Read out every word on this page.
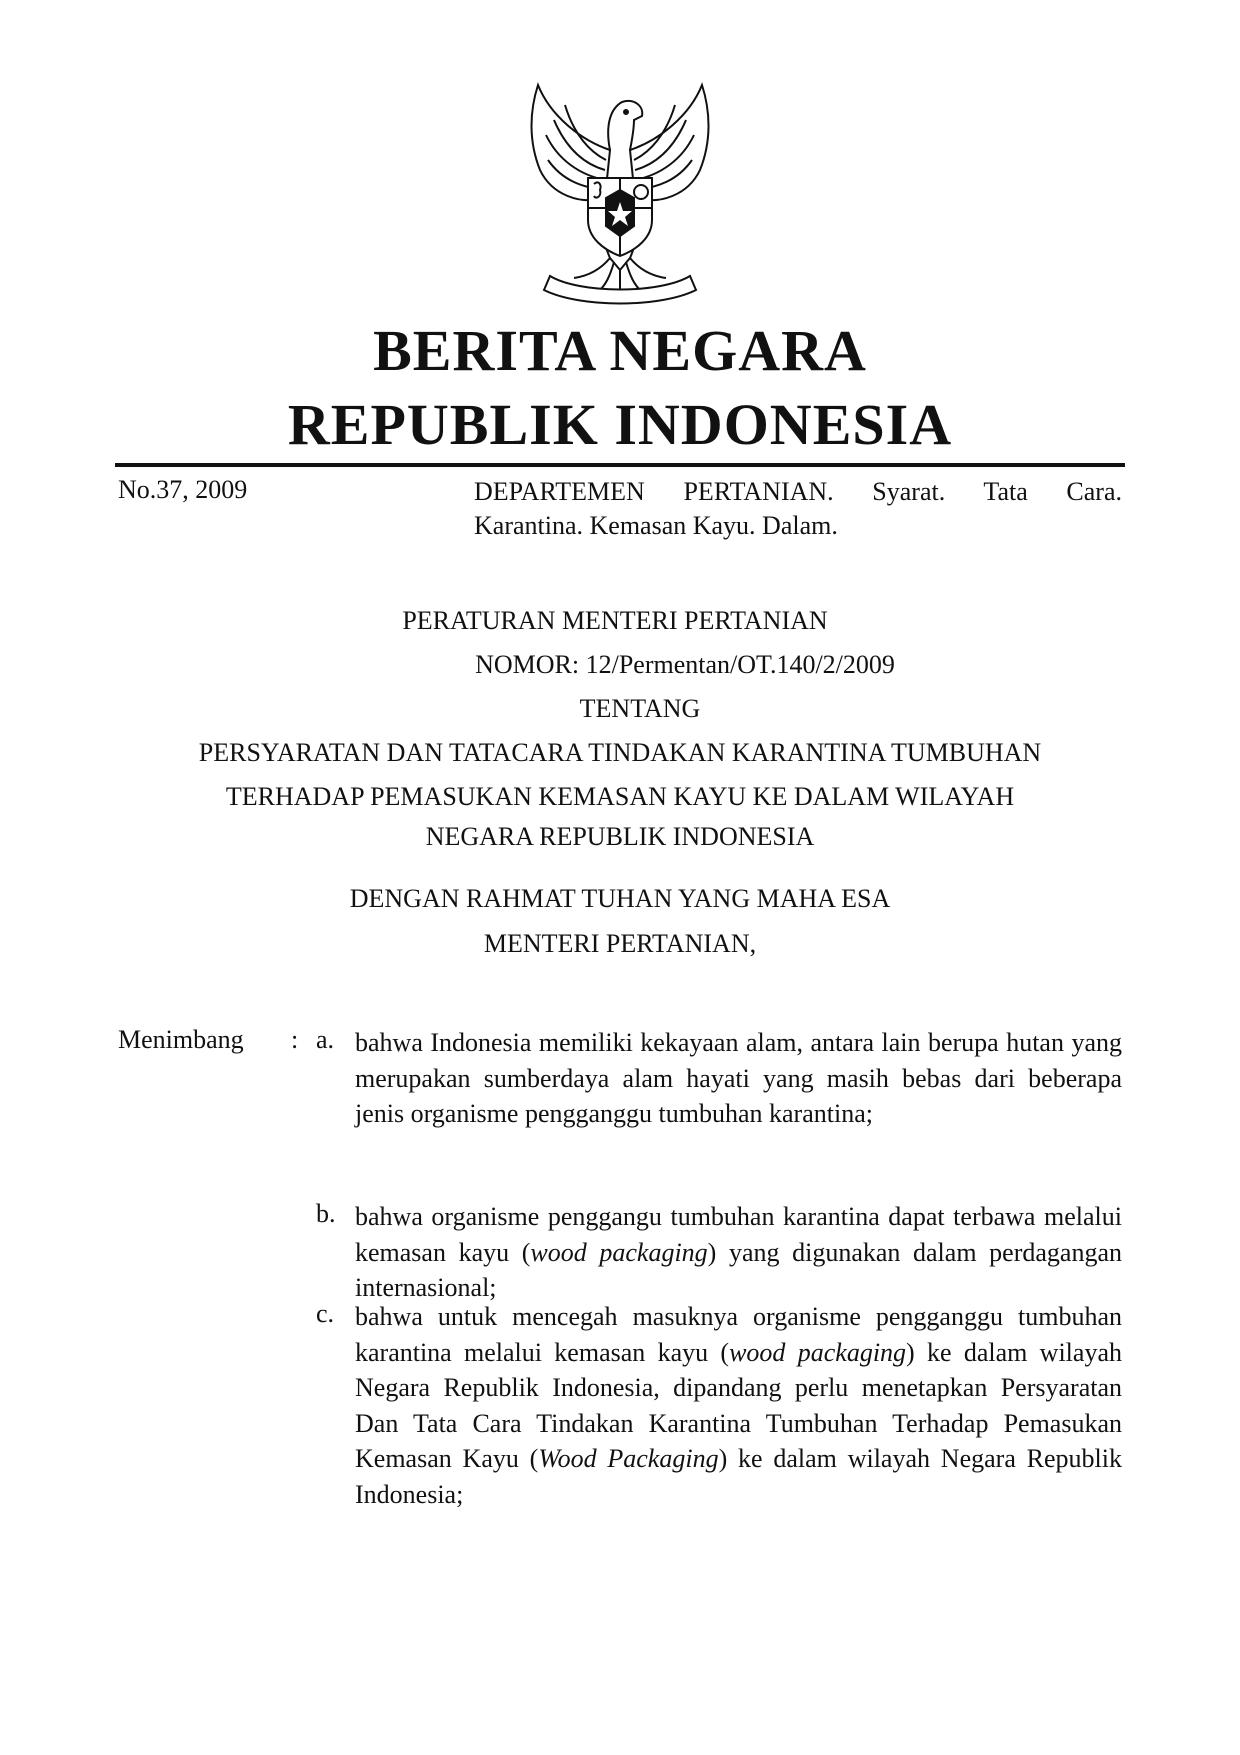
BERITA NEGARA
REPUBLIK INDONESIA
No.37, 2009	DEPARTEMEN PERTANIAN. Syarat. Tata Cara.
Karantina. Kemasan Kayu. Dalam.
PERATURAN MENTERI PERTANIAN
NOMOR: 12/Permentan/OT.140/2/2009
TENTANG
PERSYARATAN DAN TATACARA TINDAKAN KARANTINA TUMBUHAN
TERHADAP PEMASUKAN KEMASAN KAYU KE DALAM WILAYAH
NEGARA REPUBLIK INDONESIA
DENGAN RAHMAT TUHAN YANG MAHA ESA
MENTERI PERTANIAN,
Menimbang : a. bahwa Indonesia memiliki kekayaan alam, antara lain berupa hutan yang merupakan sumberdaya alam hayati yang masih bebas dari beberapa jenis organisme pengganggu tumbuhan karantina;
b. bahwa organisme penggangu tumbuhan karantina dapat terbawa melalui kemasan kayu (wood packaging) yang digunakan dalam perdagangan internasional;
c. bahwa untuk mencegah masuknya organisme pengganggu tumbuhan karantina melalui kemasan kayu (wood packaging) ke dalam wilayah Negara Republik Indonesia, dipandang perlu menetapkan Persyaratan Dan Tata Cara Tindakan Karantina Tumbuhan Terhadap Pemasukan Kemasan Kayu (Wood Packaging) ke dalam wilayah Negara Republik Indonesia;
